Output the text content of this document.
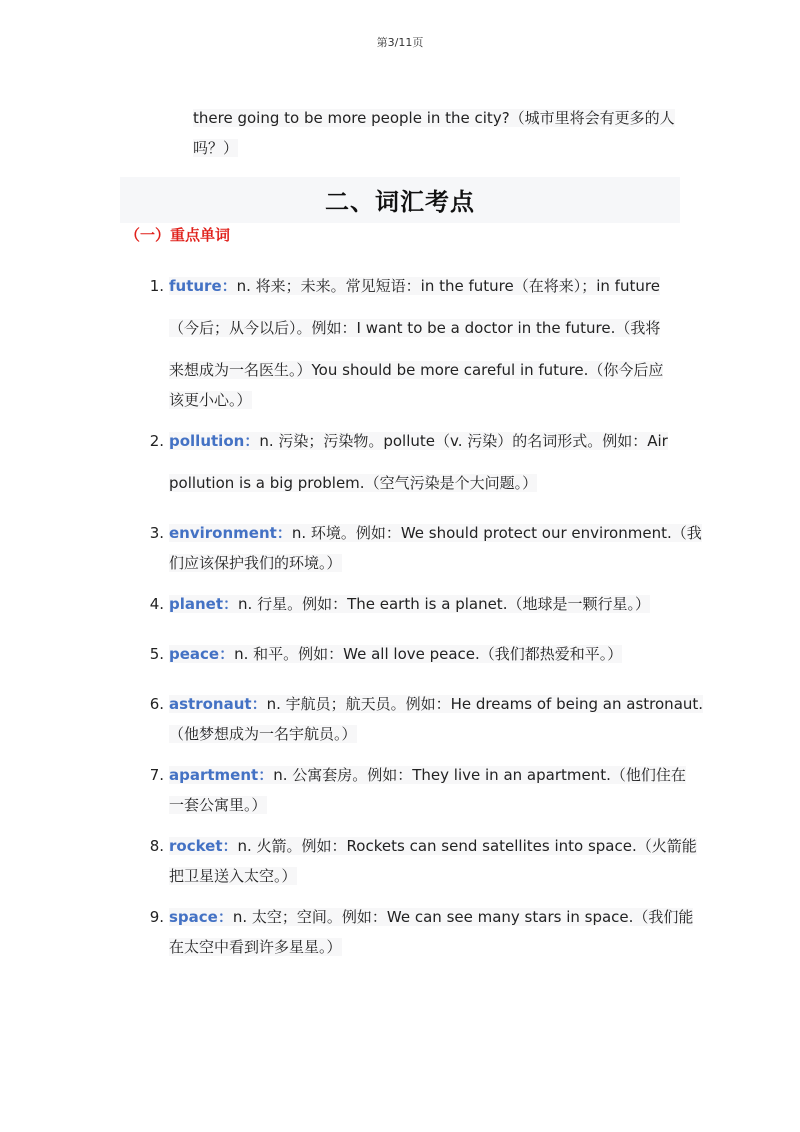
第3/11页
there going to be more people in the city?（城市里将会有更多的人
吗？）
二、词汇考点
（一）重点单词
1. future：n. 将来；未来。常见短语：in the future（在将来）；in future
（今后；从今以后）。例如：I want to be a doctor in the future.（我将
来想成为一名医生。）You should be more careful in future.（你今后应
该更小心。）
2. pollution：n. 污染；污染物。pollute（v. 污染）的名词形式。例如：Air
pollution is a big problem.（空气污染是个大问题。）
3. environment：n. 环境。例如：We should protect our environment.（我
们应该保护我们的环境。）
4. planet：n. 行星。例如：The earth is a planet.（地球是一颗行星。）
5. peace：n. 和平。例如：We all love peace.（我们都热爱和平。）
6. astronaut：n. 宇航员；航天员。例如：He dreams of being an astronaut.
（他梦想成为一名宇航员。）
7. apartment：n. 公寓套房。例如：They live in an apartment.（他们住在
一套公寓里。）
8. rocket：n. 火箭。例如：Rockets can send satellites into space.（火箭能
把卫星送入太空。）
9. space：n. 太空；空间。例如：We can see many stars in space.（我们能
在太空中看到许多星星。）
